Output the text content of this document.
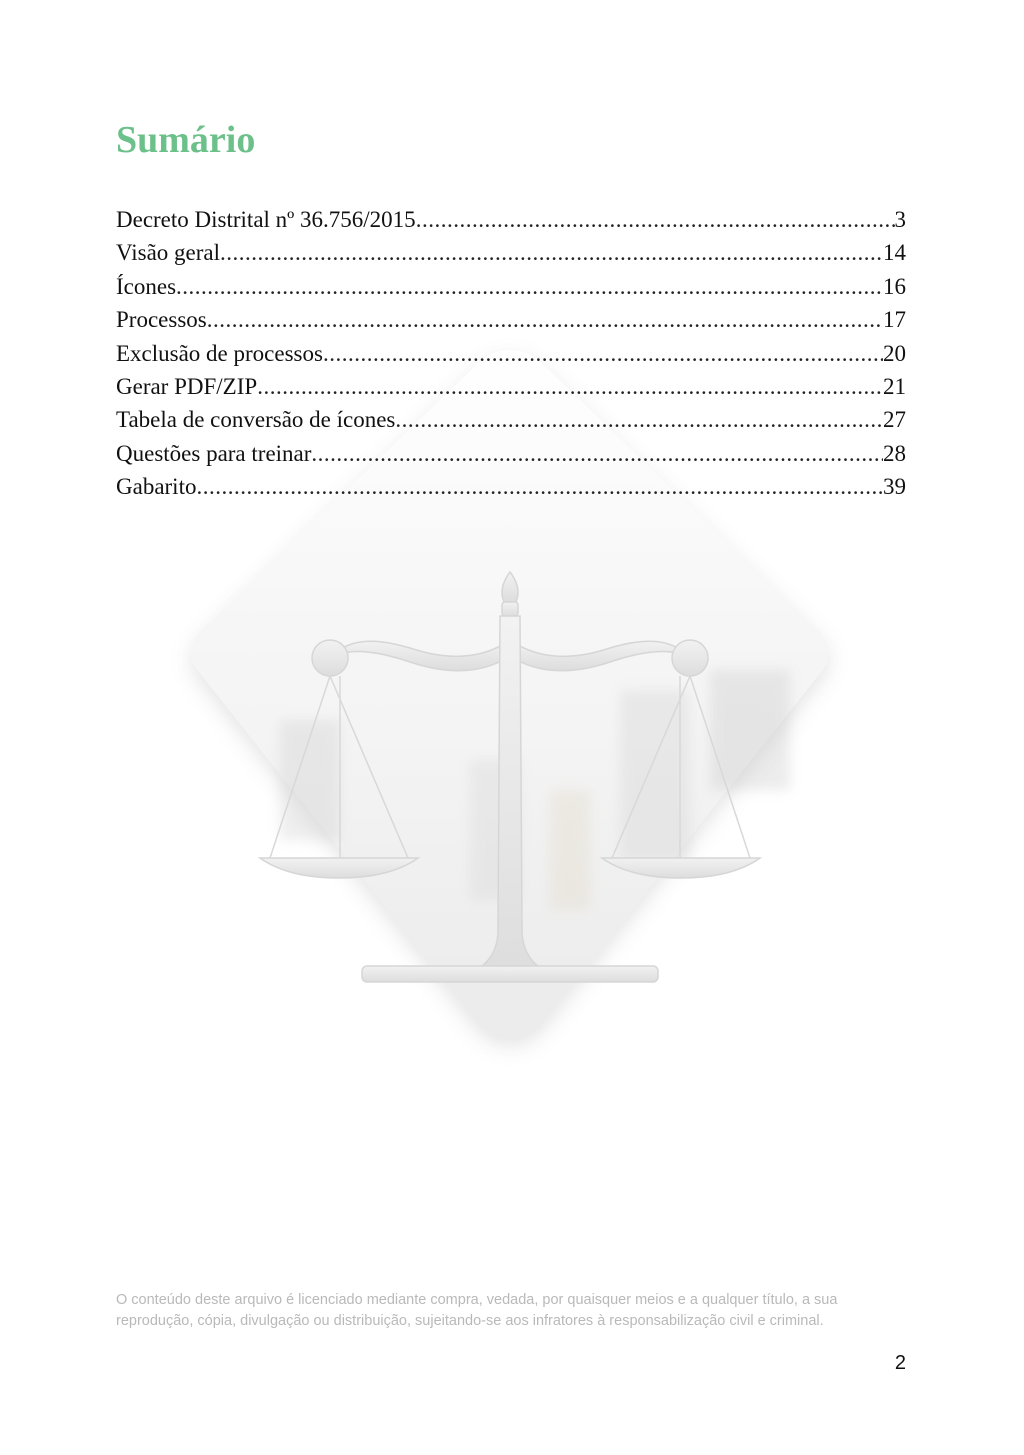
Sumário
Decreto Distrital nº 36.756/2015 .....	3
Visão geral .....	14
Ícones .....	16
Processos .....	17
Exclusão de processos .....	20
Gerar PDF/ZIP .....	21
Tabela de conversão de ícones .....	27
Questões para treinar .....	28
Gabarito .....	39

O conteúdo deste arquivo é licenciado mediante compra, vedada, por quaisquer meios e a qualquer título, a sua reprodução, cópia, divulgação ou distribuição, sujeitando-se aos infratores à responsabilização civil e criminal.

2
